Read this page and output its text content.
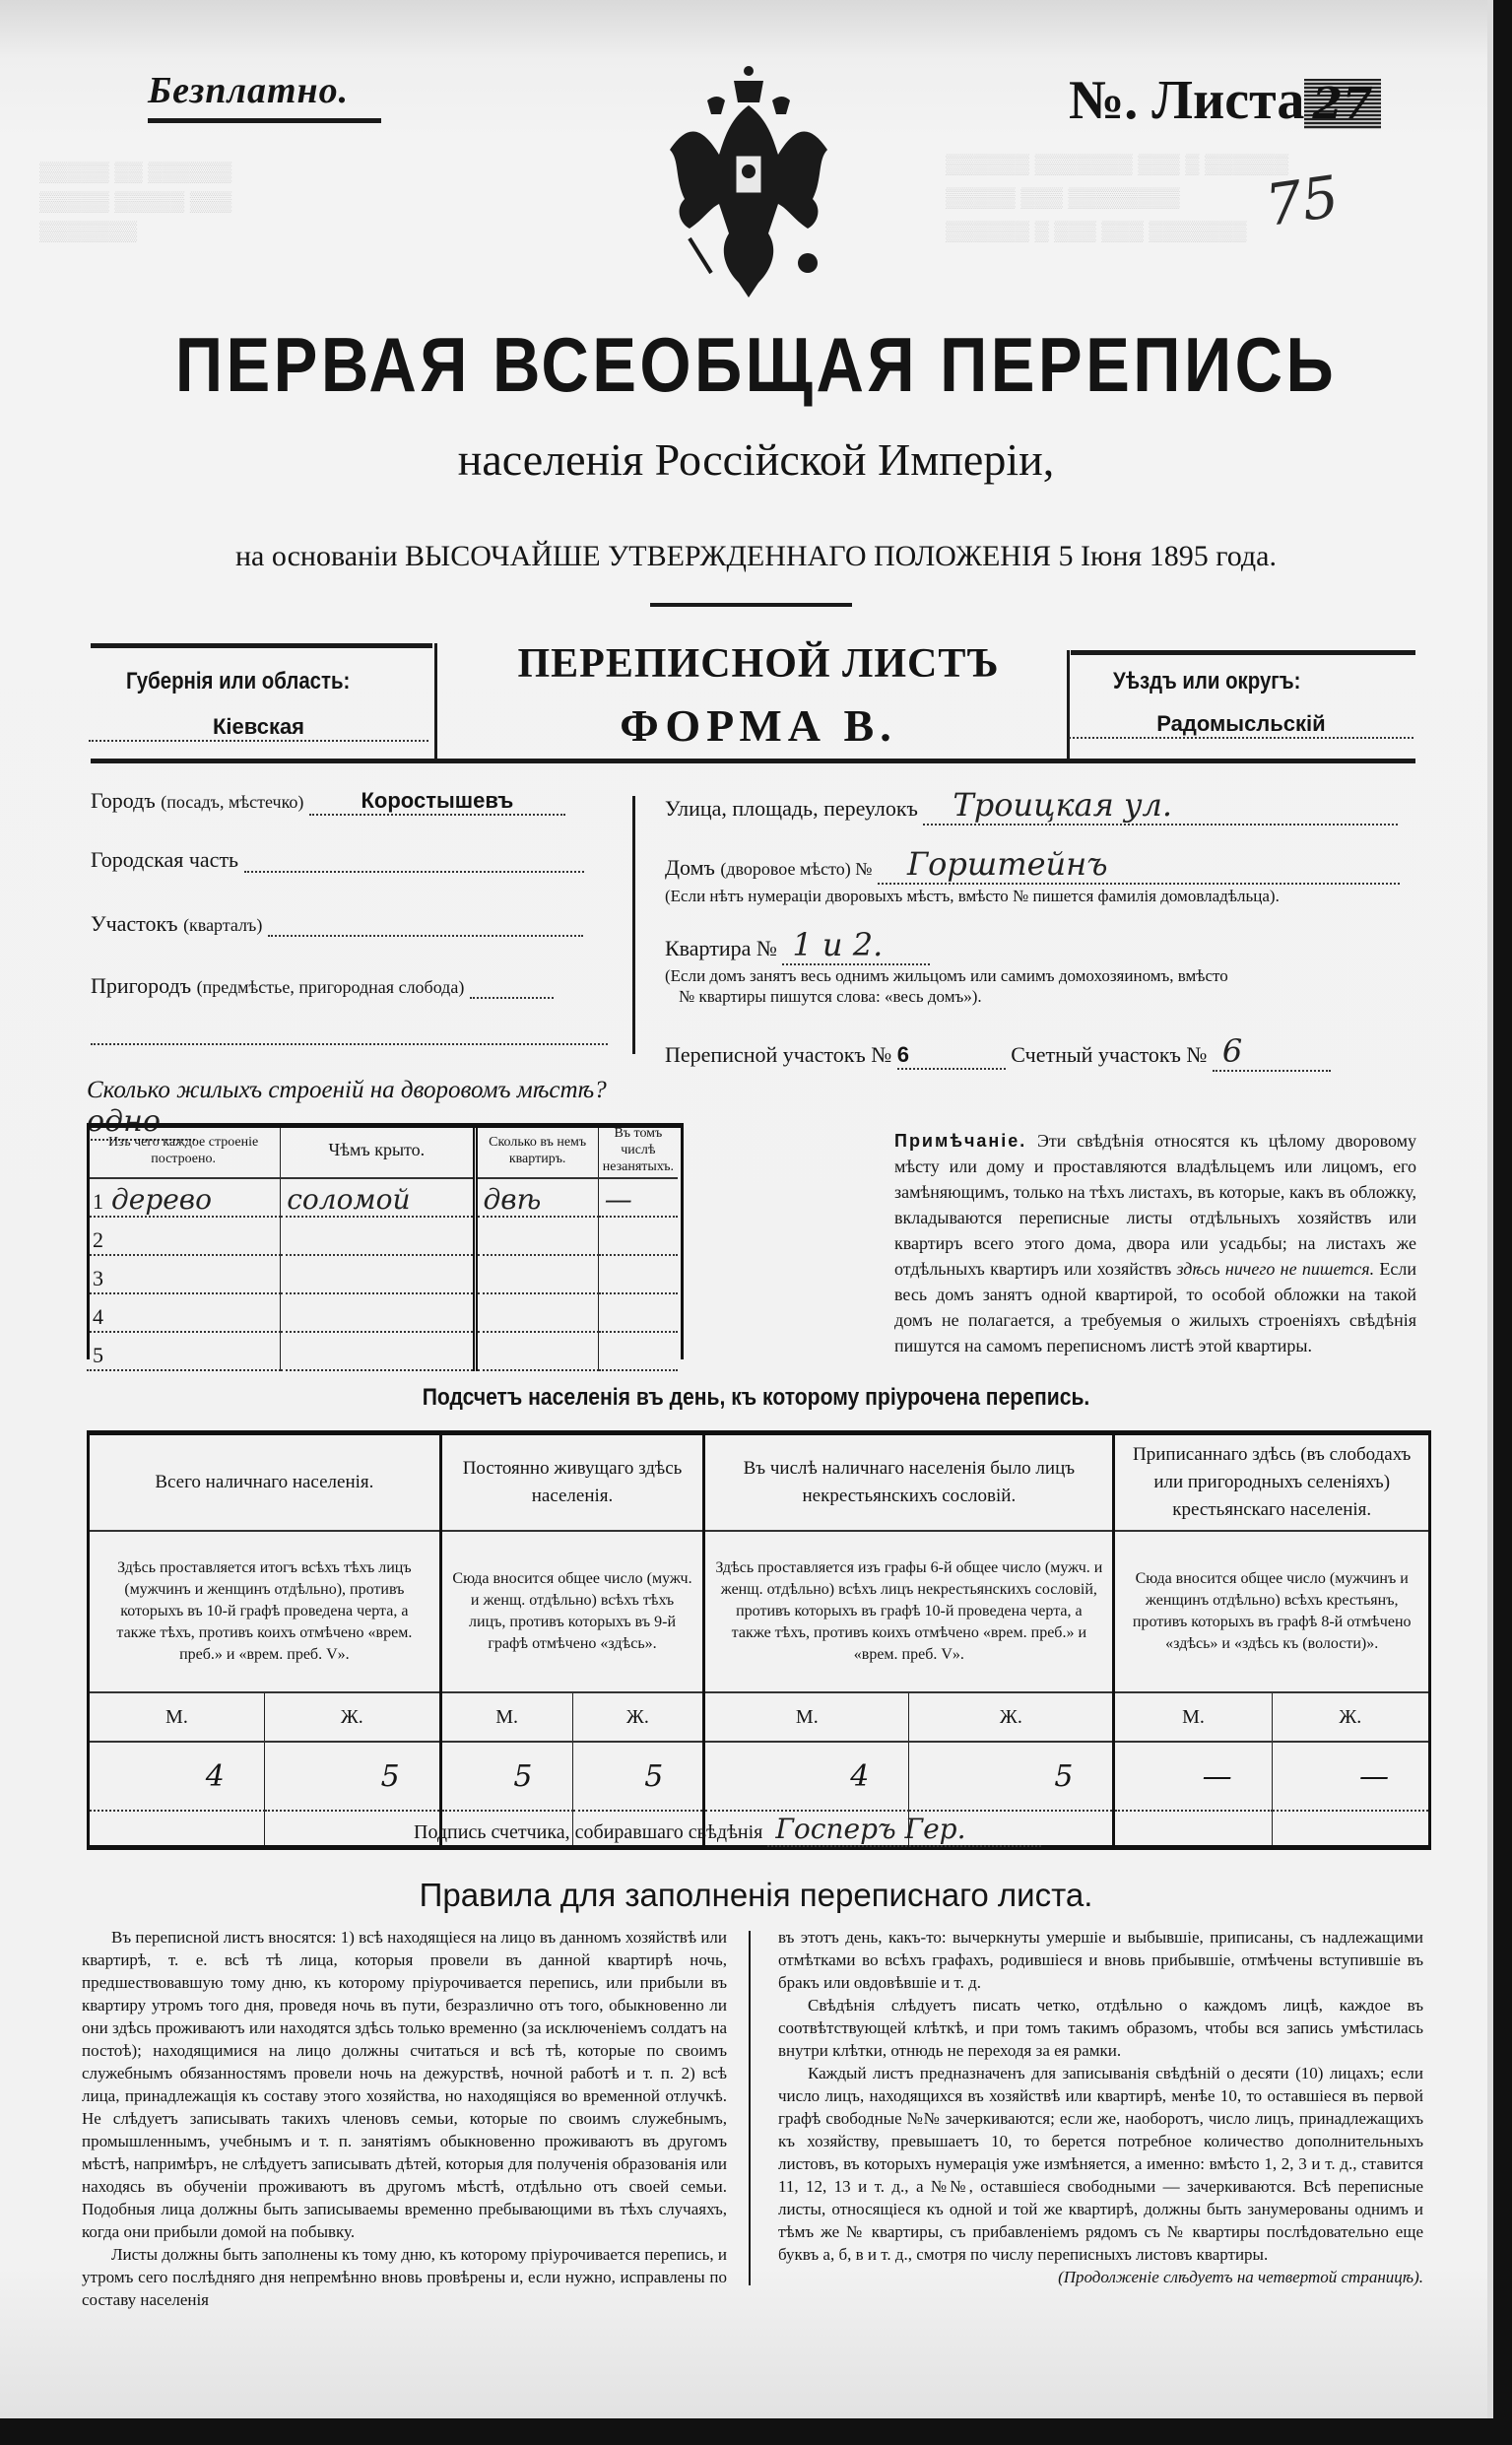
▒▒▒▒▒ ▒▒ ▒▒▒▒▒▒
▒▒▒▒▒ ▒▒▒▒▒ ▒▒▒
▒▒▒▒▒▒▒
▒▒▒▒▒▒ ▒▒▒▒▒▒▒ ▒▒▒ ▒ ▒▒▒▒▒▒
▒▒▒▒▒ ▒▒▒ ▒▒▒▒▒▒▒▒
▒▒▒▒▒▒ ▒ ▒▒▒ ▒▒▒ ▒▒▒▒▒▒▒
Безплатно.	№. Листа 27
75
ПЕРВАЯ ВСЕОБЩАЯ ПЕРЕПИСЬ
населенія Россійской Имперіи,
на основаніи ВЫСОЧАЙШЕ УТВЕРЖДЕННАГО ПОЛОЖЕНІЯ 5 Іюня 1895 года.
Губернія или область:
Кіевская
ПЕРЕПИСНОЙ ЛИСТЪ
ФОРМА В.
Уѣздъ или округъ:
Радомысльскій
Городъ (посадъ, мѣстечко)	Коростышевъ
Городская часть
Участокъ (кварталъ)
Пригородъ (предмѣстье, пригородная слобода)
Улица, площадь, переулокъ Троицкая ул.
Домъ (дворовое мѣсто) № Горштейнъ
(Если нѣтъ нумераціи дворовыхъ мѣстъ, вмѣсто № пишется фамилія домовладѣльца).
Квартира № 1 и 2.
(Если домъ занятъ весь однимъ жильцомъ или самимъ домохозяиномъ, вмѣсто
№ квартиры пишутся слова: «весь домъ»).
Переписной участокъ № 6	Счетный участокъ № 6
Сколько жилыхъ строеній на дворовомъ мѣстѣ? одно
Изъ чего каждое строеніе построено.	Чѣмъ крыто.	Сколько въ немъ квартиръ.	Въ томъ числѣ незанятыхъ.
1 дерево	соломой	двѣ	—
2			
3			
4			
5			
Примѣчаніе. Эти свѣдѣнія относятся къ цѣлому дворовому мѣсту или дому и проставляются владѣльцемъ или лицомъ, его замѣняющимъ, только на тѣхъ листахъ, въ которые, какъ въ обложку, вкладываются переписные листы отдѣльныхъ хозяйствъ или квартиръ всего этого дома, двора или усадьбы; на листахъ же отдѣльныхъ квартиръ или хозяйствъ здѣсь ничего не пишется. Если весь домъ занятъ одной квартирой, то особой обложки на такой домъ не полагается, а требуемыя о жилыхъ строеніяхъ свѣдѣнія пишутся на самомъ переписномъ листѣ этой квартиры.
Подсчетъ населенія въ день, къ которому пріурочена перепись.
Всего наличнаго населенія.		Постоянно живущаго здѣсь населенія.		Въ числѣ наличнаго населенія было лицъ некрестьянскихъ сословій.		Приписаннаго здѣсь (въ слободахъ или пригородныхъ селеніяхъ) крестьянскаго населенія.	
Здѣсь проставляется итогъ всѣхъ тѣхъ лицъ (мужчинъ и женщинъ отдѣльно), противъ которыхъ въ 10-й графѣ проведена черта, а также тѣхъ, противъ коихъ отмѣчено «врем. преб.» и «врем. преб. V».		Сюда вносится общее число (мужч. и женщ. отдѣльно) всѣхъ тѣхъ лицъ, противъ которыхъ въ 9-й графѣ отмѣчено «здѣсь».		Здѣсь проставляется изъ графы 6-й общее число (мужч. и женщ. отдѣльно) всѣхъ лицъ некрестьянскихъ сословій, противъ которыхъ въ графѣ 10-й проведена черта, а также тѣхъ, противъ коихъ отмѣчено «врем. преб.» и «врем. преб. V».		Сюда вносится общее число (мужчинъ и женщинъ отдѣльно) всѣхъ крестьянъ, противъ которыхъ въ графѣ 8-й отмѣчено «здѣсь» и «здѣсь къ (волости)».	
М.	Ж.	М.	Ж.	М.	Ж.	М.	Ж.
4	5	5	5	4	5	—	—

Подпись счетчика, собиравшаго свѣдѣнія Госперъ Гер.
Правила для заполненія переписнаго листа.

Въ переписной листъ вносятся: 1) всѣ находящіеся на лицо въ данномъ хозяйствѣ или квартирѣ, т. е. всѣ тѣ лица, которыя провели въ данной квартирѣ ночь, предшествовавшую тому дню, къ которому пріурочивается перепись, или прибыли въ квартиру утромъ того дня, проведя ночь въ пути, безразлично отъ того, обыкновенно ли они здѣсь проживаютъ или находятся здѣсь только временно (за исключеніемъ солдатъ на постоѣ); находящимися на лицо должны считаться и всѣ тѣ, которые по своимъ служебнымъ обязанностямъ провели ночь на дежурствѣ, ночной работѣ и т. п. 2) всѣ лица, принадлежащія къ составу этого хозяйства, но находящіяся во временной отлучкѣ. Не слѣдуетъ записывать такихъ членовъ семьи, которые по своимъ служебнымъ, промышленнымъ, учебнымъ и т. п. занятіямъ обыкновенно проживаютъ въ другомъ мѣстѣ, напримѣръ, не слѣдуетъ записывать дѣтей, которыя для полученія образованія или находясь въ обученіи проживаютъ въ другомъ мѣстѣ, отдѣльно отъ своей семьи. Подобныя лица должны быть записываемы временно пребывающими въ тѣхъ случаяхъ, когда они прибыли домой на побывку.

Листы должны быть заполнены къ тому дню, къ которому пріурочивается перепись, и утромъ сего послѣдняго дня непремѣнно вновь провѣрены и, если нужно, исправлены по составу населенія

въ этотъ день, какъ-то: вычеркнуты умершіе и выбывшіе, приписаны, съ надлежащими отмѣтками во всѣхъ графахъ, родившіеся и вновь прибывшіе, отмѣчены вступившіе въ бракъ или овдовѣвшіе и т. д.

Свѣдѣнія слѣдуетъ писать четко, отдѣльно о каждомъ лицѣ, каждое въ соотвѣтствующей клѣткѣ, и при томъ такимъ образомъ, чтобы вся запись умѣстилась внутри клѣтки, отнюдь не переходя за ея рамки.

Каждый листъ предназначенъ для записыванія свѣдѣній о десяти (10) лицахъ; если число лицъ, находящихся въ хозяйствѣ или квартирѣ, менѣе 10, то оставшіеся въ первой графѣ свободные №№ зачеркиваются; если же, наоборотъ, число лицъ, принадлежащихъ къ хозяйству, превышаетъ 10, то берется потребное количество дополнительныхъ листовъ, въ которыхъ нумерація уже измѣняется, а именно: вмѣсто 1, 2, 3 и т. д., ставится 11, 12, 13 и т. д., а №№, оставшіеся свободными — зачеркиваются. Всѣ переписные листы, относящіеся къ одной и той же квартирѣ, должны быть занумерованы однимъ и тѣмъ же № квартиры, съ прибавленіемъ рядомъ съ № квартиры послѣдовательно еще буквъ а, б, в и т. д., смотря по числу переписныхъ листовъ квартиры.

(Продолженіе слѣдуетъ на четвертой страницѣ).
